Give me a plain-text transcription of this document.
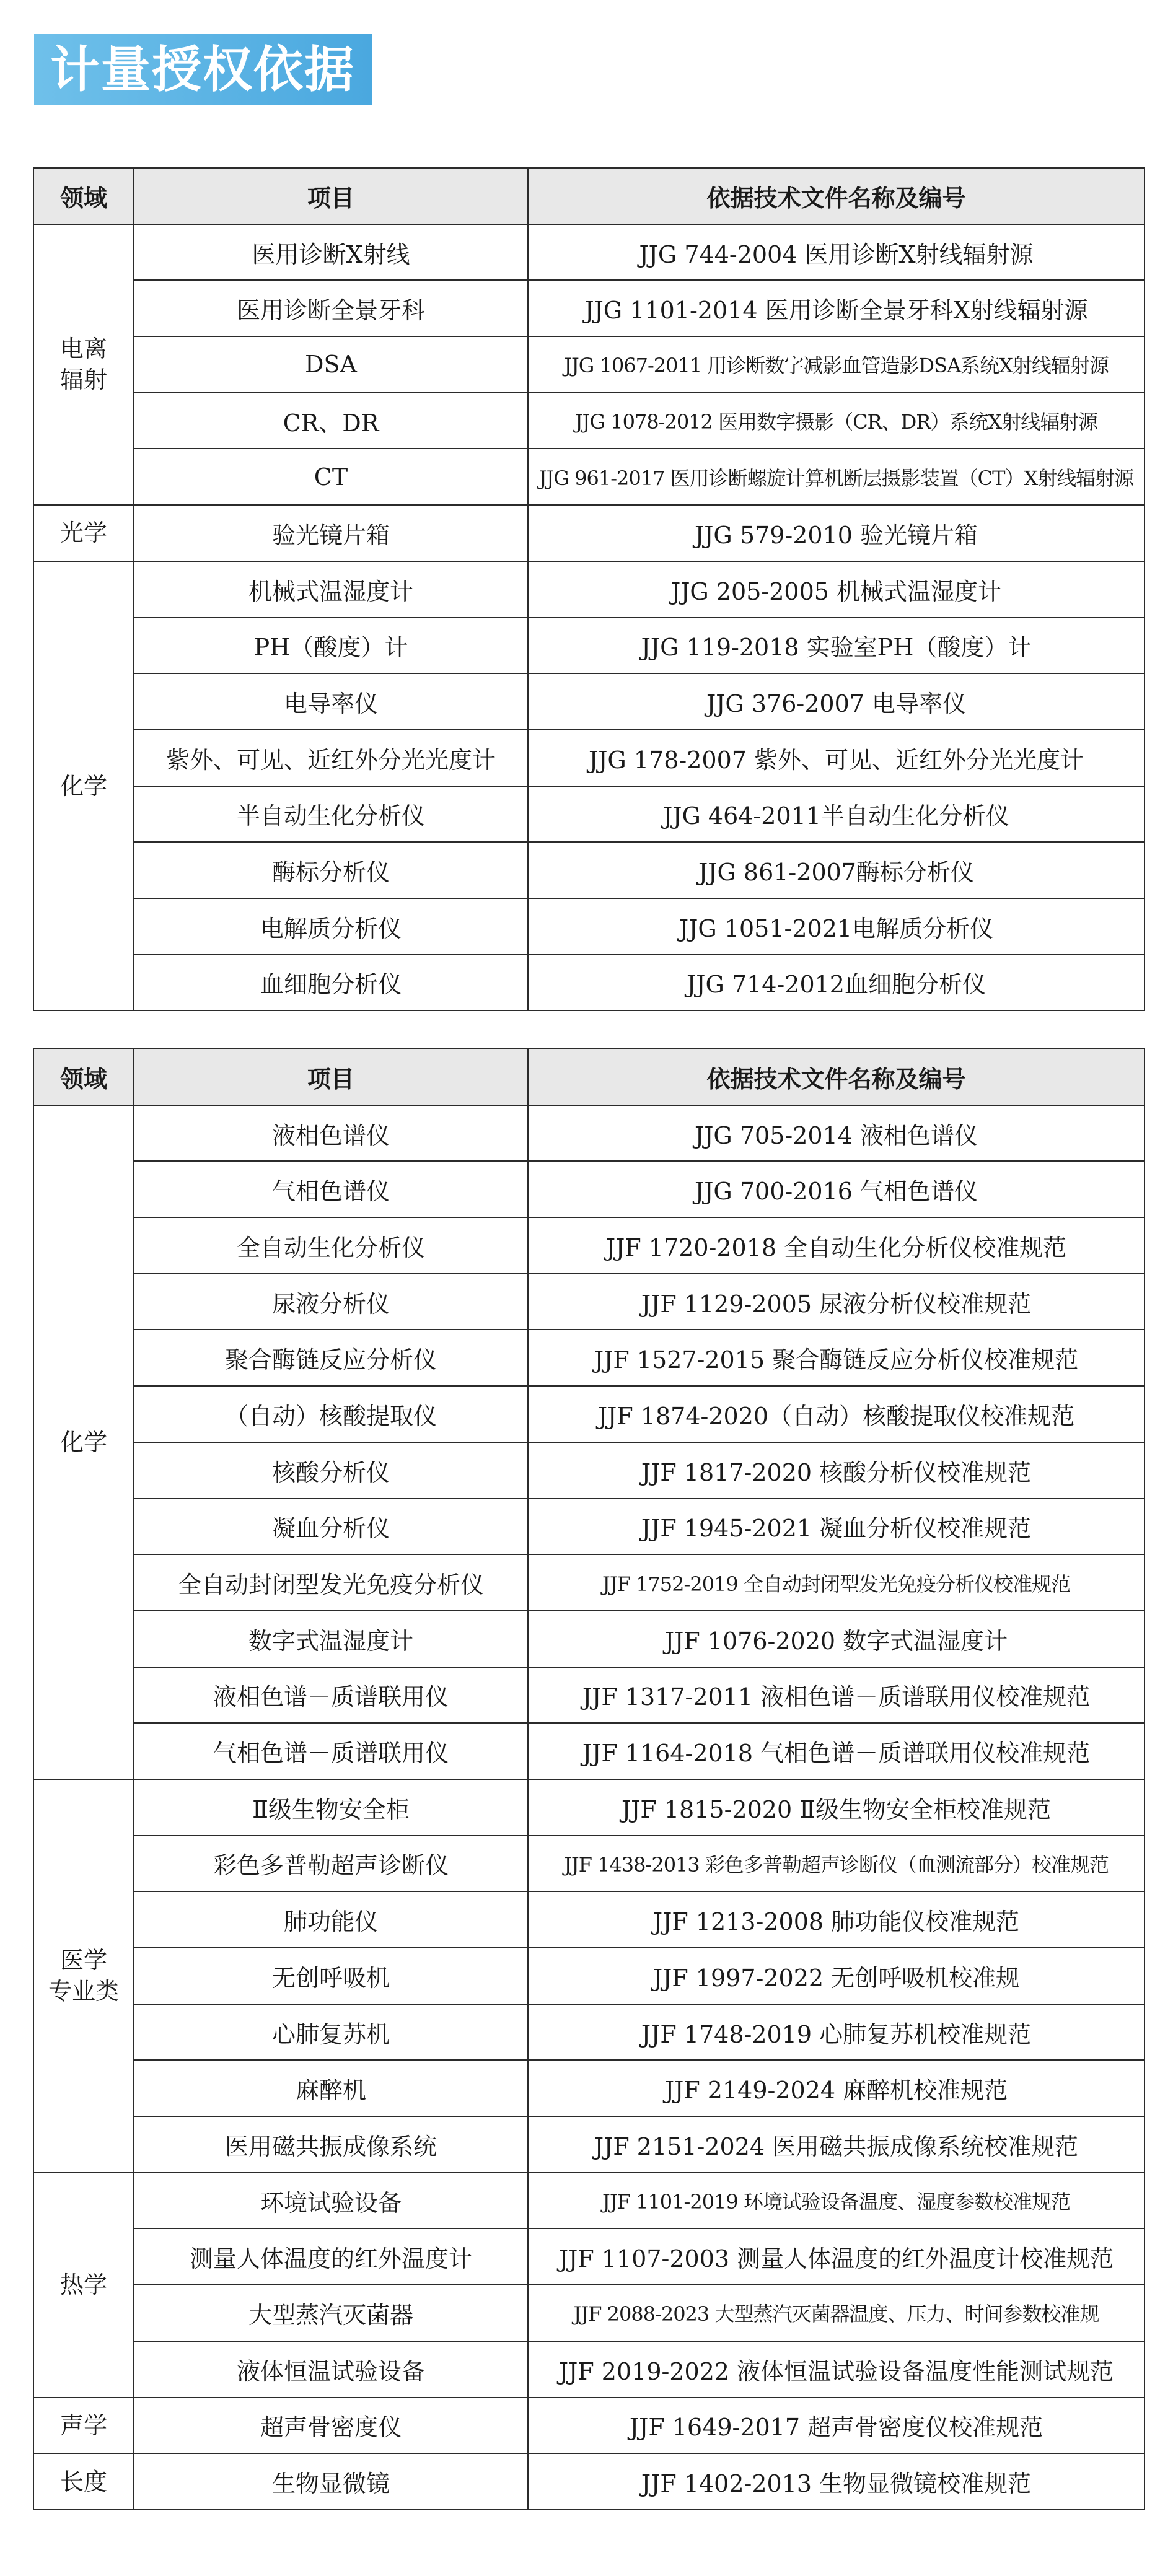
计量授权依据
领域	项目	依据技术文件名称及编号

电离
辐射	医用诊断X射线	JJG 744-2004 医用诊断X射线辐射源
	医用诊断全景牙科	JJG 1101-2014 医用诊断全景牙科X射线辐射源
	DSA	JJG 1067-2011 用诊断数字减影血管造影DSA系统X射线辐射源
	CR、DR	JJG 1078-2012 医用数字摄影（CR、DR）系统X射线辐射源
	CT	JJG 961-2017 医用诊断螺旋计算机断层摄影装置（CT）X射线辐射源

光学	验光镜片箱	JJG 579-2010 验光镜片箱

化学	机械式温湿度计	JJG 205-2005 机械式温湿度计
	PH（酸度）计	JJG 119-2018 实验室PH（酸度）计
	电导率仪	JJG 376-2007 电导率仪
	紫外、可见、近红外分光光度计	JJG 178-2007 紫外、可见、近红外分光光度计
	半自动生化分析仪	JJG 464-2011半自动生化分析仪
	酶标分析仪	JJG 861-2007酶标分析仪
	电解质分析仪	JJG 1051-2021电解质分析仪
	血细胞分析仪	JJG 714-2012血细胞分析仪
领域	项目	依据技术文件名称及编号

化学	液相色谱仪	JJG 705-2014 液相色谱仪
	气相色谱仪	JJG 700-2016 气相色谱仪
	全自动生化分析仪	JJF 1720-2018 全自动生化分析仪校准规范
	尿液分析仪	JJF 1129-2005 尿液分析仪校准规范
	聚合酶链反应分析仪	JJF 1527-2015 聚合酶链反应分析仪校准规范
	（自动）核酸提取仪	JJF 1874-2020（自动）核酸提取仪校准规范
	核酸分析仪	JJF 1817-2020 核酸分析仪校准规范
	凝血分析仪	JJF 1945-2021 凝血分析仪校准规范
	全自动封闭型发光免疫分析仪	JJF 1752-2019 全自动封闭型发光免疫分析仪校准规范
	数字式温湿度计	JJF 1076-2020 数字式温湿度计
	液相色谱－质谱联用仪	JJF 1317-2011 液相色谱－质谱联用仪校准规范
	气相色谱－质谱联用仪	JJF 1164-2018 气相色谱－质谱联用仪校准规范

医学
专业类	Ⅱ级生物安全柜	JJF 1815-2020 Ⅱ级生物安全柜校准规范
	彩色多普勒超声诊断仪	JJF 1438-2013 彩色多普勒超声诊断仪（血测流部分）校准规范
	肺功能仪	JJF 1213-2008 肺功能仪校准规范
	无创呼吸机	JJF 1997-2022 无创呼吸机校准规
	心肺复苏机	JJF 1748-2019 心肺复苏机校准规范
	麻醉机	JJF 2149-2024 麻醉机校准规范
	医用磁共振成像系统	JJF 2151-2024 医用磁共振成像系统校准规范

热学	环境试验设备	JJF 1101-2019 环境试验设备温度、湿度参数校准规范
	测量人体温度的红外温度计	JJF 1107-2003 测量人体温度的红外温度计校准规范
	大型蒸汽灭菌器	JJF 2088-2023 大型蒸汽灭菌器温度、压力、时间参数校准规
	液体恒温试验设备	JJF 2019-2022 液体恒温试验设备温度性能测试规范

声学	超声骨密度仪	JJF 1649-2017 超声骨密度仪校准规范

长度	生物显微镜	JJF 1402-2013 生物显微镜校准规范
